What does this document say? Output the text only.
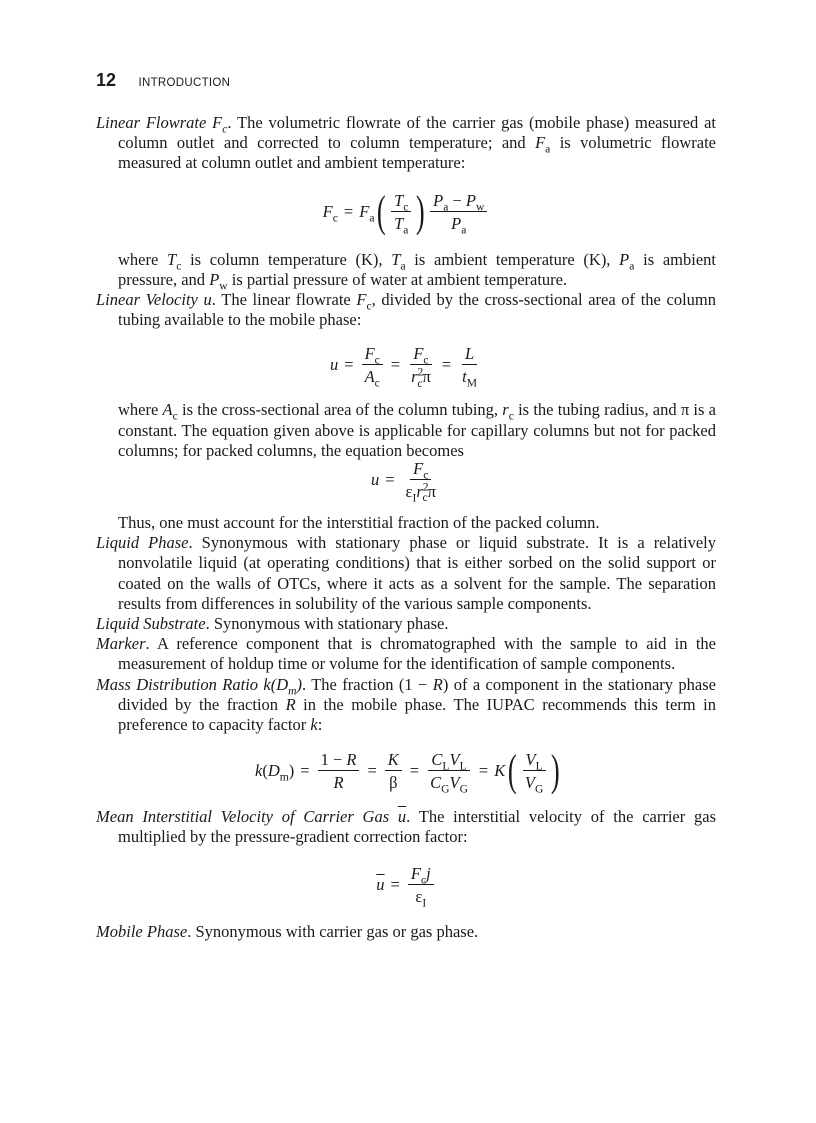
12 INTRODUCTION

Linear Flowrate $F_c$. The volumetric flowrate of the carrier gas (mobile phase) measured at column outlet and corrected to column temperature; and $F_a$ is volumetric flowrate measured at column outlet and ambient temperature:

$F_c = F_a$ ( $\frac{T_c}{T_a}$ ) $\frac{P_a - P_w}{P_a}$

where $T_c$ is column temperature (K), $T_a$ is ambient temperature (K), $P_a$ is ambient pressure, and $P_w$ is partial pressure of water at ambient temperature.

Linear Velocity u. The linear flowrate $F_c$, divided by the cross-sectional area of the column tubing available to the mobile phase:

$u = \frac{F_c}{A_c} = \frac{F_c}{r^2_c\pi} = \frac{L}{t_M}$

where $A_c$ is the cross-sectional area of the column tubing, $r_c$ is the tubing radius, and π is a constant. The equation given above is applicable for capillary columns but not for packed columns; for packed columns, the equation becomes

$u = \frac{F_c}{\varepsilon_Ir^2_c\pi}$

Thus, one must account for the interstitial fraction of the packed column.

Liquid Phase. Synonymous with stationary phase or liquid substrate. It is a relatively nonvolatile liquid (at operating conditions) that is either sorbed on the solid support or coated on the walls of OTCs, where it acts as a solvent for the sample. The separation results from differences in solubility of the various sample components.

Liquid Substrate. Synonymous with stationary phase.

Marker. A reference component that is chromatographed with the sample to aid in the measurement of holdup time or volume for the identification of sample components.

Mass Distribution Ratio $k(D_m)$. The fraction (1 − R) of a component in the stationary phase divided by the fraction R in the mobile phase. The IUPAC recommends this term in preference to capacity factor k:

$k(D_m) = \frac{1 - R}{R} = \frac{K}{\beta} = \frac{C_LV_L}{C_GV_G} = K$ ( $\frac{V_L}{V_G}$ )

Mean Interstitial Velocity of Carrier Gas $\overline{u}$. The interstitial velocity of the carrier gas multiplied by the pressure-gradient correction factor:

$\overline{u} = \frac{F_cj}{\varepsilon_I}$

Mobile Phase. Synonymous with carrier gas or gas phase.
